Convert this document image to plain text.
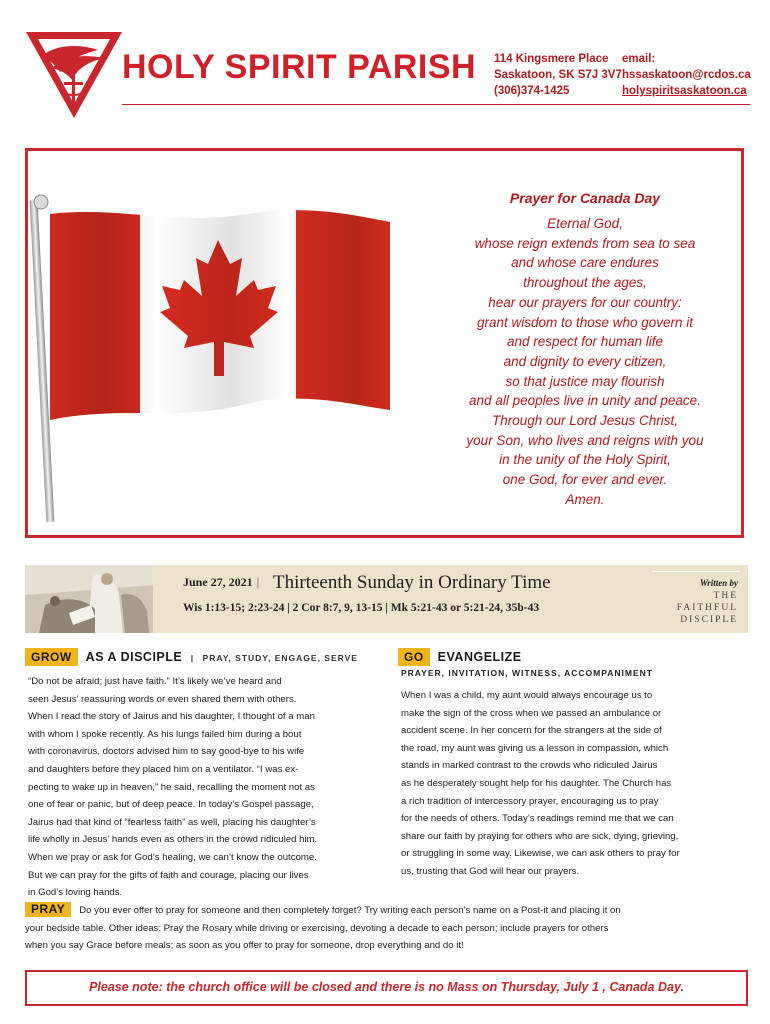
HOLY SPIRIT PARISH 114 Kingsmere Place
Saskatoon, SK S7J 3V7
(306)374-1425
email:
hssaskatoon@rcdos.ca
holyspiritsaskatoon.ca
Prayer for Canada Day
Eternal God,
whose reign extends from sea to sea
and whose care endures
throughout the ages,
hear our prayers for our country:
grant wisdom to those who govern it
and respect for human life
and dignity to every citizen,
so that justice may flourish
and all peoples live in unity and peace.
Through our Lord Jesus Christ,
your Son, who lives and reigns with you
in the unity of the Holy Spirit,
one God, for ever and ever.
Amen.
June 27, 2021 | Thirteenth Sunday in Ordinary Time
Wis 1:13-15; 2:23-24 | 2 Cor 8:7, 9, 13-15 | Mk 5:21-43 or 5:21-24, 35b-43
Written by
THE
FAITHFUL
DISCIPLE
GROW AS A DISCIPLE | PRAY, STUDY, ENGAGE, SERVE
“Do not be afraid; just have faith.” It’s likely we’ve heard and
seen Jesus’ reassuring words or even shared them with others.
When I read the story of Jairus and his daughter, I thought of a man
with whom I spoke recently. As his lungs failed him during a bout
with coronavirus, doctors advised him to say good-bye to his wife
and daughters before they placed him on a ventilator. “I was ex-
pecting to wake up in heaven,” he said, recalling the moment not as
one of fear or panic, but of deep peace. In today’s Gospel passage,
Jairus had that kind of “fearless faith” as well, placing his daughter’s
life wholly in Jesus’ hands even as others in the crowd ridiculed him.
When we pray or ask for God’s healing, we can’t know the outcome.
But we can pray for the gifts of faith and courage, placing our lives
in God’s loving hands.
GO EVANGELIZE
PRAYER, INVITATION, WITNESS, ACCOMPANIMENT
When I was a child, my aunt would always encourage us to
make the sign of the cross when we passed an ambulance or
accident scene. In her concern for the strangers at the side of
the road, my aunt was giving us a lesson in compassion, which
stands in marked contrast to the crowds who ridiculed Jairus
as he desperately sought help for his daughter. The Church has
a rich tradition of intercessory prayer, encouraging us to pray
for the needs of others. Today’s readings remind me that we can
share our faith by praying for others who are sick, dying, grieving,
or struggling in some way. Likewise, we can ask others to pray for
us, trusting that God will hear our prayers.
PRAY Do you ever offer to pray for someone and then completely forget? Try writing each person’s name on a Post-it and placing it on
your bedside table. Other ideas: Pray the Rosary while driving or exercising, devoting a decade to each person; include prayers for others
when you say Grace before meals; as soon as you offer to pray for someone, drop everything and do it!
Please note: the church office will be closed and there is no Mass on Thursday, July 1 , Canada Day.
